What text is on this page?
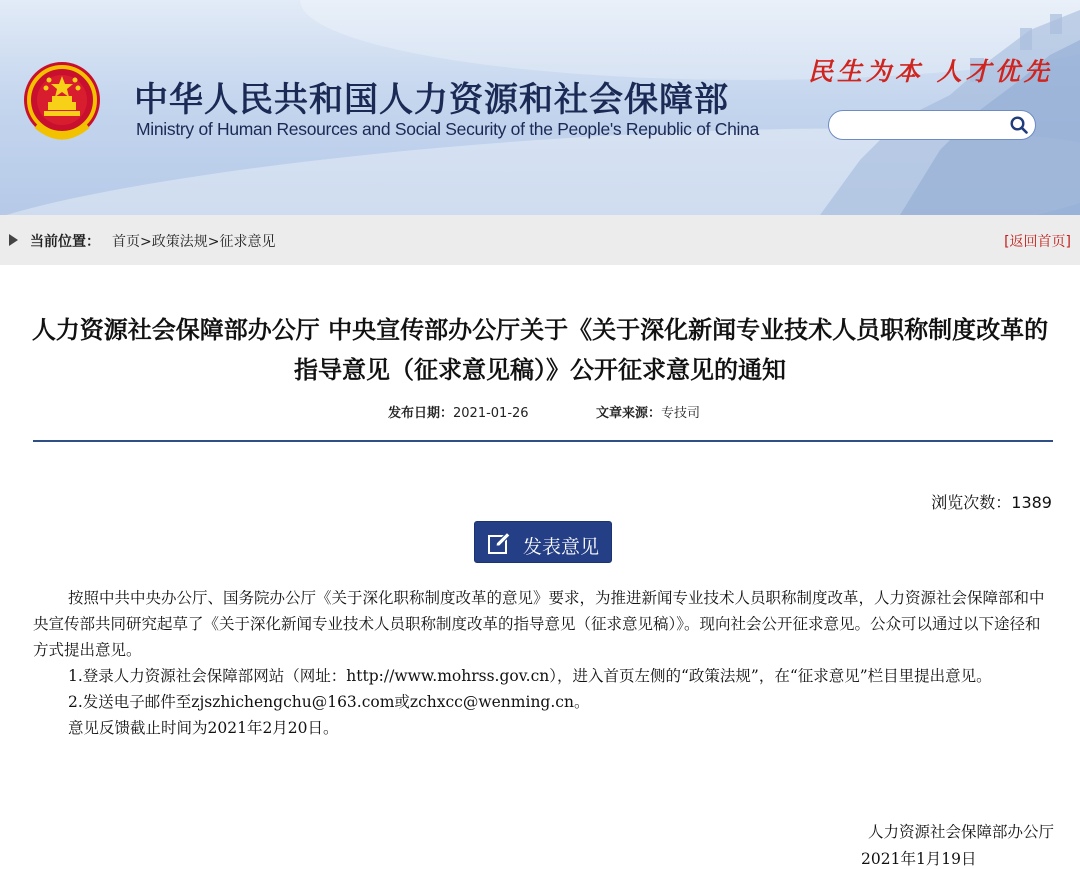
中华人民共和国人力资源和社会保障部
Ministry of Human Resources and Social Security of the People's Republic of China
民生为本 人才优先
当前位置： 首页>政策法规>征求意见	[返回首页]
人力资源社会保障部办公厅 中央宣传部办公厅关于《关于深化新闻专业技术人员职称制度改革的指导意见（征求意见稿）》公开征求意见的通知
发布日期：2021-01-26	文章来源：专技司
浏览次数：1389
发表意见

按照中共中央办公厅、国务院办公厅《关于深化职称制度改革的意见》要求，为推进新闻专业技术人员职称制度改革，人力资源社会保障部和中央宣传部共同研究起草了《关于深化新闻专业技术人员职称制度改革的指导意见（征求意见稿）》。现向社会公开征求意见。公众可以通过以下途径和方式提出意见。

1.登录人力资源社会保障部网站（网址：http://www.mohrss.gov.cn），进入首页左侧的“政策法规”，在“征求意见”栏目里提出意见。

2.发送电子邮件至zjszhichengchu@163.com或zchxcc@wenming.cn。

意见反馈截止时间为2021年2月20日。

人力资源社会保障部办公厅
2021年1月19日
